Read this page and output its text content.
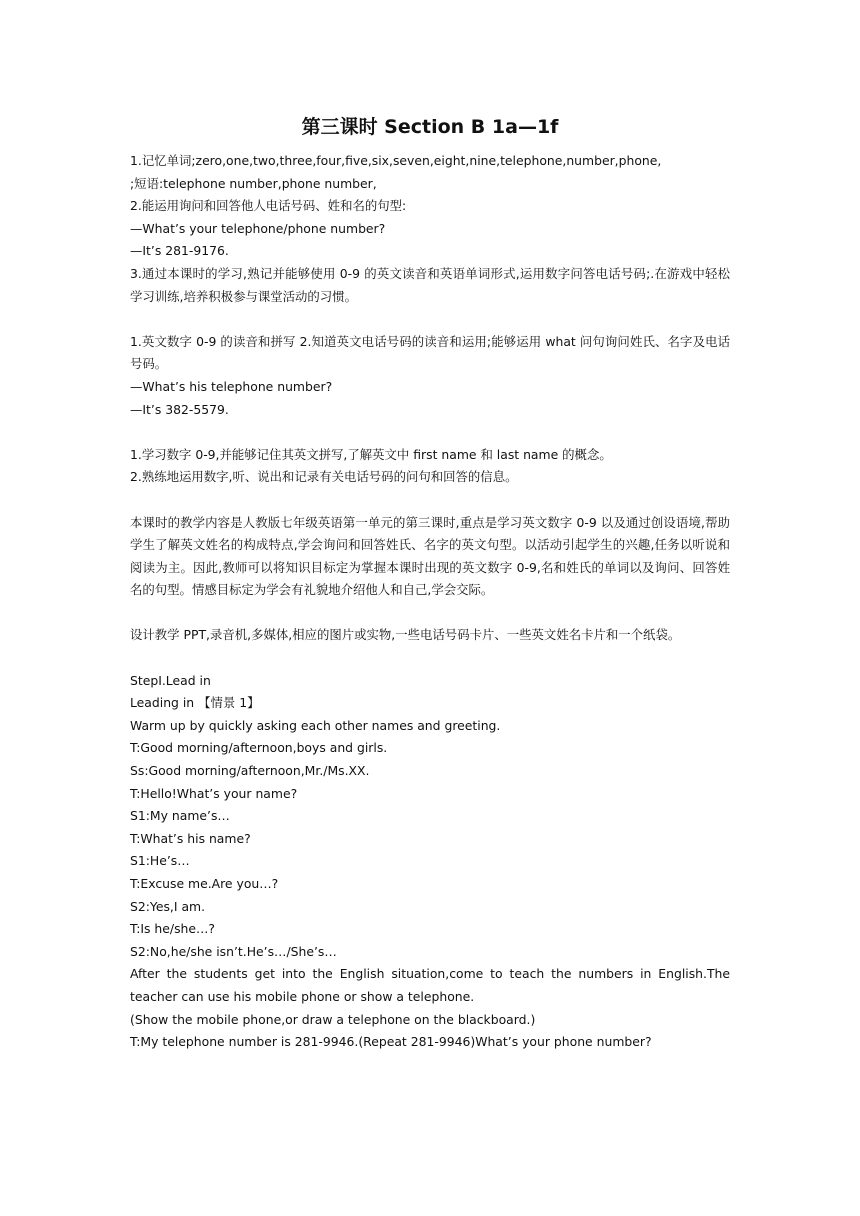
第三课时 Section B 1a—1f
1.记忆单词;zero,one,two,three,four,five,six,seven,eight,nine,telephone,number,phone,
;短语:telephone number,phone number,
2.能运用询问和回答他人电话号码、姓和名的句型:
—What’s your telephone/phone number?
—It’s 281-9176.
3.通过本课时的学习,熟记并能够使用 0-9 的英文读音和英语单词形式,运用数字问答电话号码;.在游戏中轻松学习训练,培养积极参与课堂活动的习惯。
1.英文数字 0-9 的读音和拼写 2.知道英文电话号码的读音和运用;能够运用 what 问句询问姓氏、名字及电话号码。
—What’s his telephone number?
—It’s 382-5579.
1.学习数字 0-9,并能够记住其英文拼写,了解英文中 first name 和 last name 的概念。
2.熟练地运用数字,听、说出和记录有关电话号码的问句和回答的信息。
本课时的教学内容是人教版七年级英语第一单元的第三课时,重点是学习英文数字 0-9 以及通过创设语境,帮助学生了解英文姓名的构成特点,学会询问和回答姓氏、名字的英文句型。以活动引起学生的兴趣,任务以听说和阅读为主。因此,教师可以将知识目标定为掌握本课时出现的英文数字 0-9,名和姓氏的单词以及询问、回答姓名的句型。情感目标定为学会有礼貌地介绍他人和自己,学会交际。
设计教学 PPT,录音机,多媒体,相应的图片或实物,一些电话号码卡片、一些英文姓名卡片和一个纸袋。
StepⅠ.Lead in
Leading in 【情景 1】
Warm up by quickly asking each other names and greeting.
T:Good morning/afternoon,boys and girls.
Ss:Good morning/afternoon,Mr./Ms.XX.
T:Hello!What’s your name?
S1:My name’s…
T:What’s his name?
S1:He’s…
T:Excuse me.Are you…?
S2:Yes,I am.
T:Is he/she…?
S2:No,he/she isn’t.He’s…/She’s…
After the students get into the English situation,come to teach the numbers in English.The teacher can use his mobile phone or show a telephone.
(Show the mobile phone,or draw a telephone on the blackboard.)
T:My telephone number is 281-9946.(Repeat 281-9946)What’s your phone number?
